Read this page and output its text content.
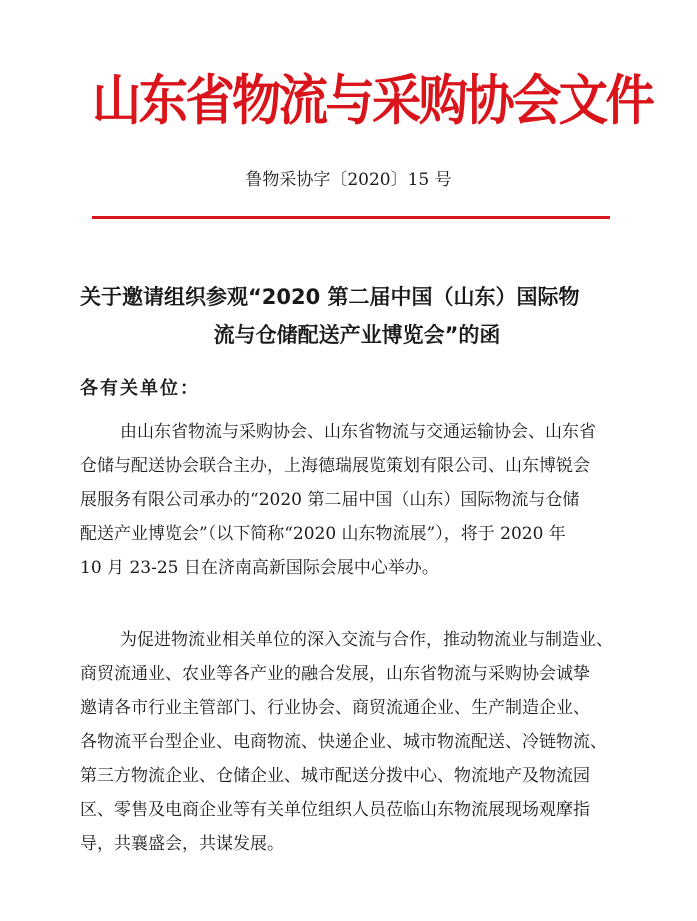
山东省物流与采购协会文件
鲁物采协字〔2020〕15 号
关于邀请组织参观“2020 第二届中国（山东）国际物
流与仓储配送产业博览会”的函
各有关单位：
由山东省物流与采购协会、山东省物流与交通运输协会、山东省
仓储与配送协会联合主办，上海德瑞展览策划有限公司、山东博锐会
展服务有限公司承办的“2020 第二届中国（山东）国际物流与仓储
配送产业博览会”（以下简称“2020 山东物流展”），将于 2020 年
10 月 23-25 日在济南高新国际会展中心举办。
为促进物流业相关单位的深入交流与合作，推动物流业与制造业、
商贸流通业、农业等各产业的融合发展，山东省物流与采购协会诚挚
邀请各市行业主管部门、行业协会、商贸流通企业、生产制造企业、
各物流平台型企业、电商物流、快递企业、城市物流配送、冷链物流、
第三方物流企业、仓储企业、城市配送分拨中心、物流地产及物流园
区、零售及电商企业等有关单位组织人员莅临山东物流展现场观摩指
导，共襄盛会，共谋发展。
